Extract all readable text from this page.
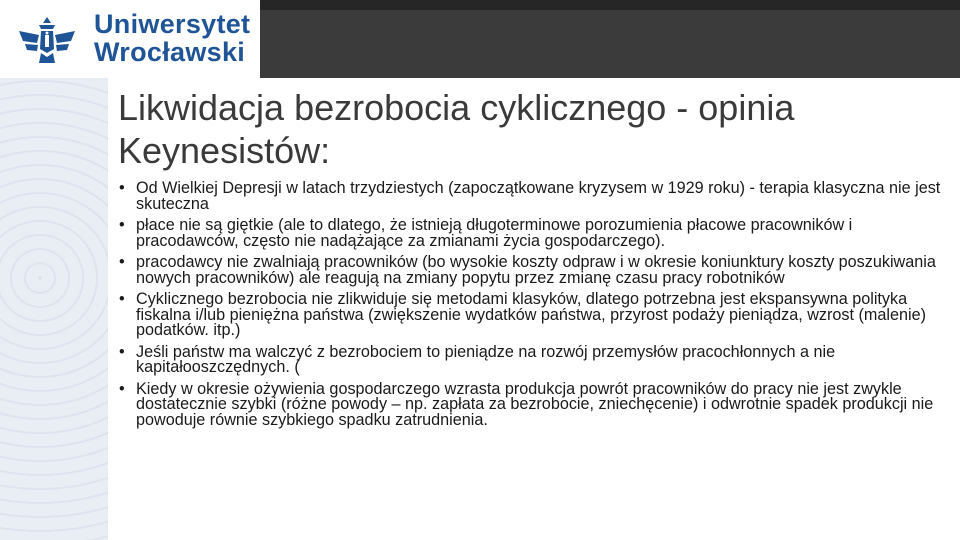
Uniwersytet
Wrocławski
Likwidacja bezrobocia cyklicznego - opinia Keynesistów:
• Od Wielkiej Depresji w latach trzydziestych (zapoczątkowane kryzysem w 1929 roku) - terapia klasyczna nie jest skuteczna
• płace nie są giętkie (ale to dlatego, że istnieją długoterminowe porozumienia płacowe pracowników i pracodawców, często nie nadążające za zmianami życia gospodarczego).
• pracodawcy nie zwalniają pracowników (bo wysokie koszty odpraw i w okresie koniunktury koszty poszukiwania nowych pracowników) ale reagują na zmiany popytu przez zmianę czasu pracy robotników
• Cyklicznego bezrobocia nie zlikwiduje się metodami klasyków, dlatego potrzebna jest ekspansywna polityka fiskalna i/lub pieniężna państwa (zwiększenie wydatków państwa, przyrost podaży pieniądza, wzrost (malenie) podatków. itp.)
• Jeśli państw ma walczyć z bezrobociem to pieniądze na rozwój przemysłów pracochłonnych a nie kapitałooszczędnych. (
• Kiedy w okresie ożywienia gospodarczego wzrasta produkcja powrót pracowników do pracy nie jest zwykle dostatecznie szybki (różne powody – np. zapłata za bezrobocie, zniechęcenie) i odwrotnie spadek produkcji nie powoduje równie szybkiego spadku zatrudnienia.
